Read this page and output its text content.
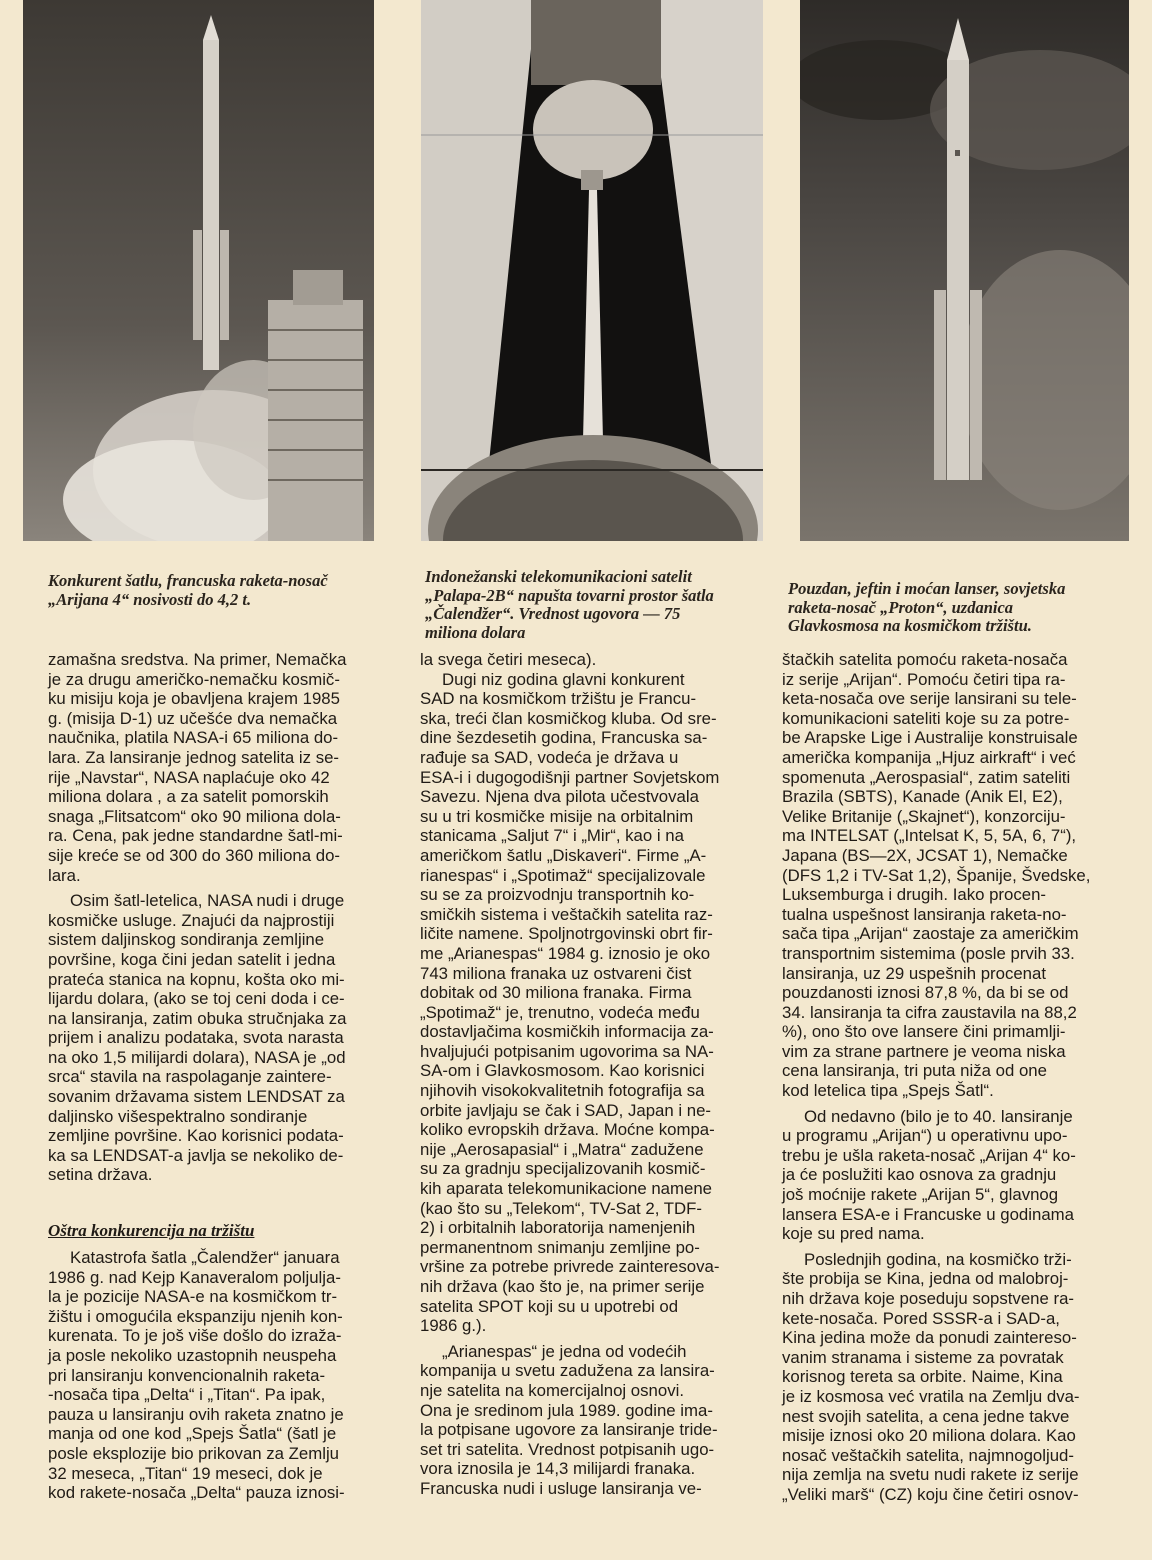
Konkurent šatlu, francuska raketa-nosač
„Arijana 4“ nosivosti do 4,2 t.
Indonežanski telekomunikacioni satelit
„Palapa-2B“ napušta tovarni prostor šatla
„Čalendžer“. Vrednost ugovora — 75
miliona dolara
Pouzdan, jeftin i moćan lanser, sovjetska
raketa-nosač „Proton“, uzdanica
Glavkosmosa na kosmičkom tržištu.
zamašna sredstva. Na primer, Nemačka
je za drugu američko-nemačku kosmič-
ku misiju koja je obavljena krajem 1985
g. (misija D-1) uz učešće dva nemačka
naučnika, platila NASA-i 65 miliona do-
lara. Za lansiranje jednog satelita iz se-
rije „Navstar“, NASA naplaćuje oko 42
miliona dolara , a za satelit pomorskih
snaga „Flitsatcom“ oko 90 miliona dola-
ra. Cena, pak jedne standardne šatl-mi-
sije kreće se od 300 do 360 miliona do-
lara.
Osim šatl-letelica, NASA nudi i druge
kosmičke usluge. Znajući da najprostiji
sistem daljinskog sondiranja zemljine
površine, koga čini jedan satelit i jedna
prateća stanica na kopnu, košta oko mi-
lijardu dolara, (ako se toj ceni doda i ce-
na lansiranja, zatim obuka stručnjaka za
prijem i analizu podataka, svota narasta
na oko 1,5 milijardi dolara), NASA je „od
srca“ stavila na raspolaganje zaintere-
sovanim državama sistem LENDSAT za
daljinsko višespektralno sondiranje
zemljine površine. Kao korisnici podata-
ka sa LENDSAT-a javlja se nekoliko de-
setina država.
Oštra konkurencija na tržištu
Katastrofa šatla „Čalendžer“ januara
1986 g. nad Kejp Kanaveralom poljulja-
la je pozicije NASA-e na kosmičkom tr-
žištu i omogućila ekspanziju njenih kon-
kurenata. To je još više došlo do izraža-
ja posle nekoliko uzastopnih neuspeha
pri lansiranju konvencionalnih raketa-
-nosača tipa „Delta“ i „Titan“. Pa ipak,
pauza u lansiranju ovih raketa znatno je
manja od one kod „Spejs Šatla“ (šatl je
posle eksplozije bio prikovan za Zemlju
32 meseca, „Titan“ 19 meseci, dok je
kod rakete-nosača „Delta“ pauza iznosi-
la svega četiri meseca).
Dugi niz godina glavni konkurent
SAD na kosmičkom tržištu je Francu-
ska, treći član kosmičkog kluba. Od sre-
dine šezdesetih godina, Francuska sa-
rađuje sa SAD, vodeća je država u
ESA-i i dugogodišnji partner Sovjetskom
Savezu. Njena dva pilota učestvovala
su u tri kosmičke misije na orbitalnim
stanicama „Saljut 7“ i „Mir“, kao i na
američkom šatlu „Diskaveri“. Firme „A-
rianespas“ i „Spotimaž“ specijalizovale
su se za proizvodnju transportnih ko-
smičkih sistema i veštačkih satelita raz-
ličite namene. Spoljnotrgovinski obrt fir-
me „Arianespas“ 1984 g. iznosio je oko
743 miliona franaka uz ostvareni čist
dobitak od 30 miliona franaka. Firma
„Spotimaž“ je, trenutno, vodeća među
dostavljačima kosmičkih informacija za-
hvaljujući potpisanim ugovorima sa NA-
SA-om i Glavkosmosom. Kao korisnici
njihovih visokokvalitetnih fotografija sa
orbite javljaju se čak i SAD, Japan i ne-
koliko evropskih država. Moćne kompa-
nije „Aerosapasial“ i „Matra“ zadužene
su za gradnju specijalizovanih kosmič-
kih aparata telekomunikacione namene
(kao što su „Telekom“, TV-Sat 2, TDF-
2) i orbitalnih laboratorija namenjenih
permanentnom snimanju zemljine po-
vršine za potrebe privrede zainteresova-
nih država (kao što je, na primer serije
satelita SPOT koji su u upotrebi od
1986 g.).
„Arianespas“ je jedna od vodećih
kompanija u svetu zadužena za lansira-
nje satelita na komercijalnoj osnovi.
Ona je sredinom jula 1989. godine ima-
la potpisane ugovore za lansiranje tride-
set tri satelita. Vrednost potpisanih ugo-
vora iznosila je 14,3 milijardi franaka.
Francuska nudi i usluge lansiranja ve-
štačkih satelita pomoću raketa-nosača
iz serije „Arijan“. Pomoću četiri tipa ra-
keta-nosača ove serije lansirani su tele-
komunikacioni sateliti koje su za potre-
be Arapske Lige i Australije konstruisale
američka kompanija „Hjuz airkraft“ i već
spomenuta „Aerospasial“, zatim sateliti
Brazila (SBTS), Kanade (Anik El, E2),
Velike Britanije („Skajnet“), konzorciju-
ma INTELSAT („Intelsat K, 5, 5A, 6, 7“),
Japana (BS—2X, JCSAT 1), Nemačke
(DFS 1,2 i TV-Sat 1,2), Španije, Švedske,
Luksemburga i drugih. Iako procen-
tualna uspešnost lansiranja raketa-no-
sača tipa „Arijan“ zaostaje za američkim
transportnim sistemima (posle prvih 33.
lansiranja, uz 29 uspešnih procenat
pouzdanosti iznosi 87,8 %, da bi se od
34. lansiranja ta cifra zaustavila na 88,2
%), ono što ove lansere čini primamlji-
vim za strane partnere je veoma niska
cena lansiranja, tri puta niža od one
kod letelica tipa „Spejs Šatl“.
Od nedavno (bilo je to 40. lansiranje
u programu „Arijan“) u operativnu upo-
trebu je ušla raketa-nosač „Arijan 4“ ko-
ja će poslužiti kao osnova za gradnju
još moćnije rakete „Arijan 5“, glavnog
lansera ESA-e i Francuske u godinama
koje su pred nama.
Poslednjih godina, na kosmičko trži-
šte probija se Kina, jedna od malobroj-
nih država koje poseduju sopstvene ra-
kete-nosača. Pored SSSR-a i SAD-a,
Kina jedina može da ponudi zaintereso-
vanim stranama i sisteme za povratak
korisnog tereta sa orbite. Naime, Kina
je iz kosmosa već vratila na Zemlju dva-
nest svojih satelita, a cena jedne takve
misije iznosi oko 20 miliona dolara. Kao
nosač veštačkih satelita, najmnogoljud-
nija zemlja na svetu nudi rakete iz serije
„Veliki marš“ (CZ) koju čine četiri osnov-
